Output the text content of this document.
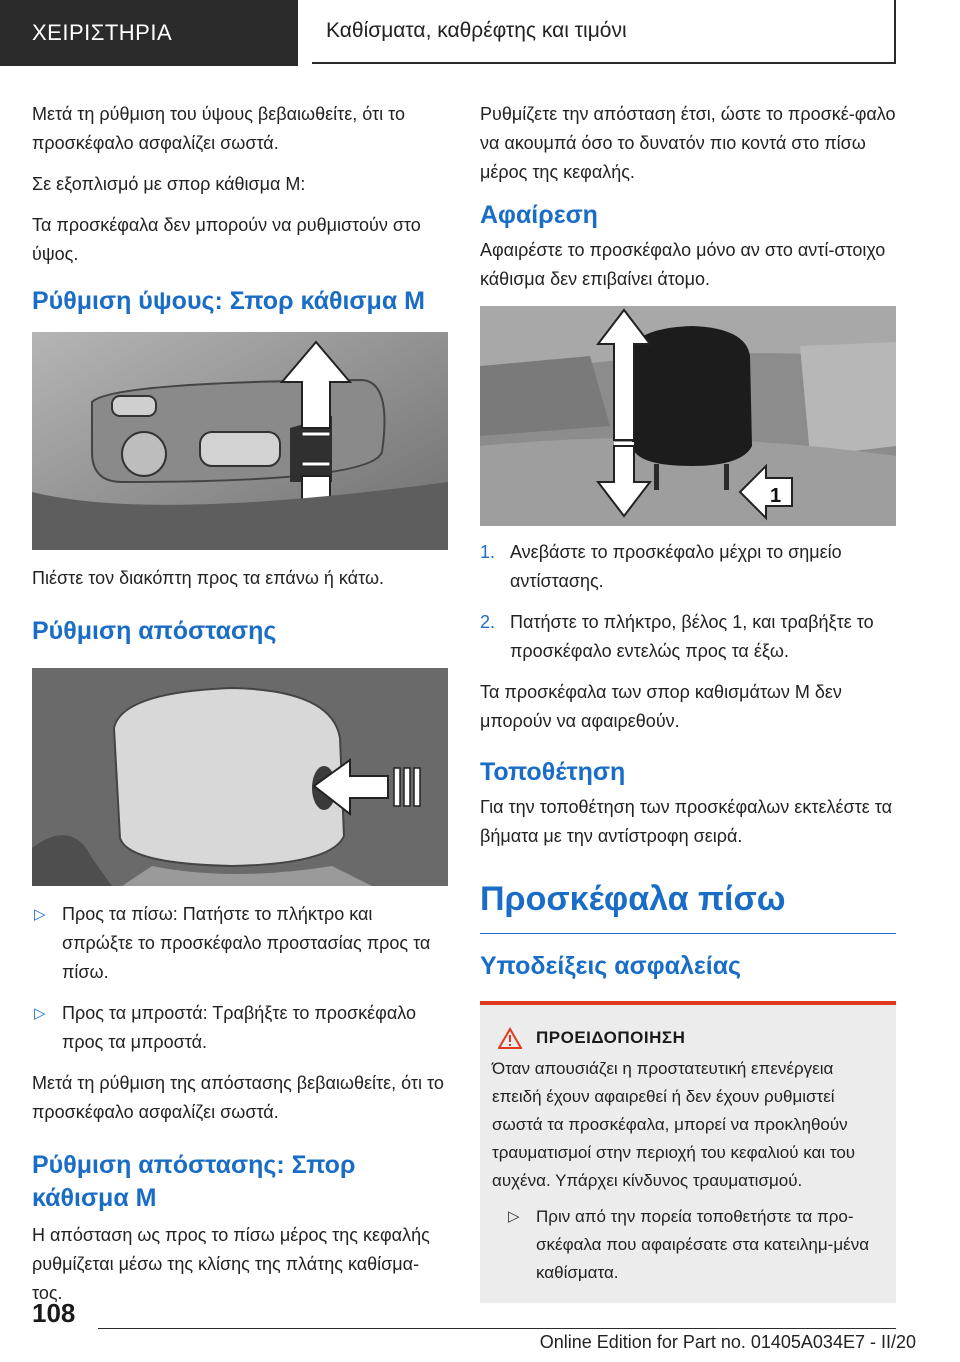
ΧΕΙΡΙΣΤΗΡΙΑ	Καθίσματα, καθρέφτης και τιμόνι

Μετά τη ρύθμιση του ύψους βεβαιωθείτε, ότι το προσκέφαλο ασφαλίζει σωστά.

Σε εξοπλισμό με σπορ κάθισμα Μ:

Τα προσκέφαλα δεν μπορούν να ρυθμιστούν στο ύψος.

Ρύθμιση ύψους: Σπορ κάθισμα Μ

Πιέστε τον διακόπτη προς τα επάνω ή κάτω.

Ρύθμιση απόστασης
▷ Προς τα πίσω: Πατήστε το πλήκτρο και σπρώξτε το προσκέφαλο προστασίας προς τα πίσω.
▷ Προς τα μπροστά: Τραβήξτε το προσκέφαλο προς τα μπροστά.

Μετά τη ρύθμιση της απόστασης βεβαιωθείτε, ότι το προσκέφαλο ασφαλίζει σωστά.

Ρύθμιση απόστασης: Σπορ κάθισμα Μ

Η απόσταση ως προς το πίσω μέρος της κεφαλής ρυθμίζεται μέσω της κλίσης της πλάτης καθίσμα-τος.

Ρυθμίζετε την απόσταση έτσι, ώστε το προσκέ-φαλο να ακουμπά όσο το δυνατόν πιο κοντά στο πίσω μέρος της κεφαλής.

Αφαίρεση

Αφαιρέστε το προσκέφαλο μόνο αν στο αντί-στοιχο κάθισμα δεν επιβαίνει άτομο.

1
1. Ανεβάστε το προσκέφαλο μέχρι το σημείο αντίστασης.
2. Πατήστε το πλήκτρο, βέλος 1, και τραβήξτε το προσκέφαλο εντελώς προς τα έξω.

Τα προσκέφαλα των σπορ καθισμάτων Μ δεν μπορούν να αφαιρεθούν.

Τοποθέτηση

Για την τοποθέτηση των προσκέφαλων εκτελέστε τα βήματα με την αντίστροφη σειρά.

Προσκέφαλα πίσω
Υποδείξεις ασφαλείας
ΠΡΟΕΙΔΟΠΟΙΗΣΗ

Όταν απουσιάζει η προστατευτική επενέργεια επειδή έχουν αφαιρεθεί ή δεν έχουν ρυθμιστεί σωστά τα προσκέφαλα, μπορεί να προκληθούν τραυματισμοί στην περιοχή του κεφαλιού και του αυχένα. Υπάρχει κίνδυνος τραυματισμού.

▷ Πριν από την πορεία τοποθετήστε τα προ-σκέφαλα που αφαιρέσατε στα κατειλημ-μένα καθίσματα.
108
Online Edition for Part no. 01405A034E7 - II/20
